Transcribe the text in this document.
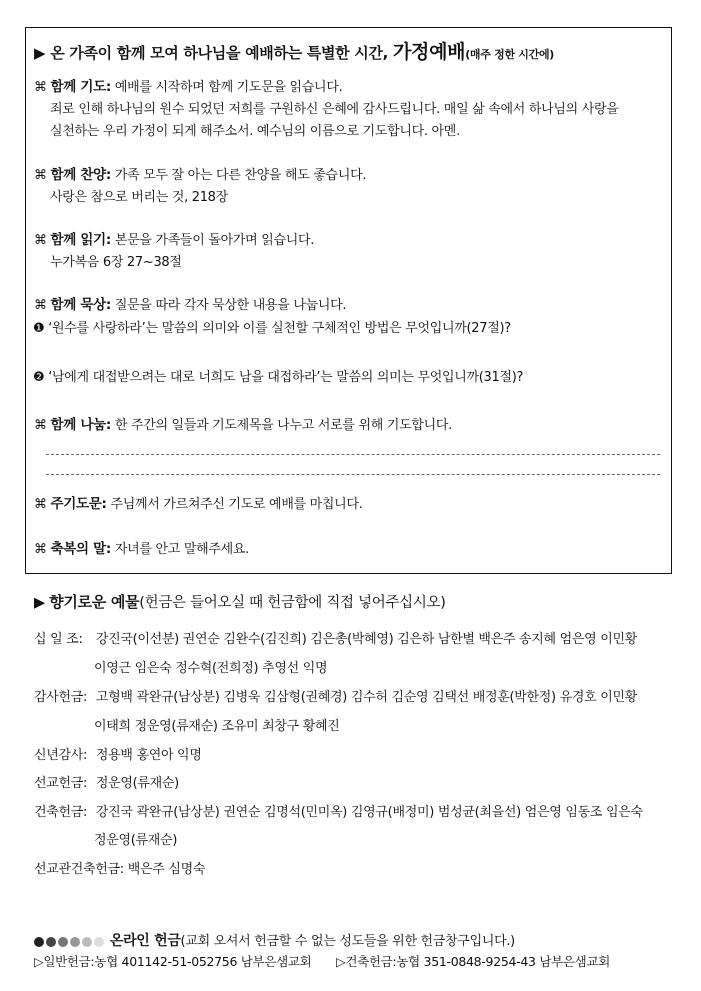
▶ 온 가족이 함께 모여 하나님을 예배하는 특별한 시간, 가정예배(매주 정한 시간에)
⌘ 함께 기도: 예배를 시작하며 함께 기도문을 읽습니다.
죄로 인해 하나님의 원수 되었던 저희를 구원하신 은혜에 감사드립니다. 매일 삶 속에서 하나님의 사랑을
실천하는 우리 가정이 되게 해주소서. 예수님의 이름으로 기도합니다. 아멘.
⌘ 함께 찬양: 가족 모두 잘 아는 다른 찬양을 해도 좋습니다.
사랑은 참으로 버리는 것, 218장
⌘ 함께 읽기: 본문을 가족들이 돌아가며 읽습니다.
누가복음 6장 27~38절
⌘ 함께 묵상: 질문을 따라 각자 묵상한 내용을 나눕니다.
❶ ‘원수를 사랑하라’는 말씀의 의미와 이를 실천할 구체적인 방법은 무엇입니까(27절)?
❷ ‘남에게 대접받으려는 대로 너희도 남을 대접하라’는 말씀의 의미는 무엇입니까(31절)?
⌘ 함께 나눔: 한 주간의 일들과 기도제목을 나누고 서로를 위해 기도합니다.
⌘ 주기도문: 주님께서 가르쳐주신 기도로 예배를 마칩니다.
⌘ 축복의 말: 자녀를 안고 말해주세요.
▶ 향기로운 예물(헌금은 들어오실 때 헌금함에 직접 넣어주십시오)
십 일 조: 강진국(이선분) 권연순 김완수(김진희) 김은총(박혜영) 김은하 남한별 백은주 송지혜 엄은영 이민황
이영근 임은숙 정수혁(전희정) 추영선 익명
감사헌금: 고형백 곽완규(남상분) 김병욱 김삼형(권혜경) 김수허 김순영 김택선 배정훈(박한정) 유경호 이민황
이태희 정운영(류재순) 조유미 최창구 황혜진
신년감사: 정용백 홍연아 익명
선교헌금: 정운영(류재순)
건축헌금: 강진국 곽완규(남상분) 권연순 김명석(민미옥) 김영규(배정미) 범성균(최을선) 엄은영 임동조 임은숙
정운영(류재순)
선교관건축헌금: 백은주 심명숙
온라인 헌금(교회 오셔서 헌금할 수 없는 성도들을 위한 헌금창구입니다.)
▷일반헌금:농협 401142-51-052756 남부은샘교회 ▷건축헌금:농협 351-0848-9254-43 남부은샘교회
